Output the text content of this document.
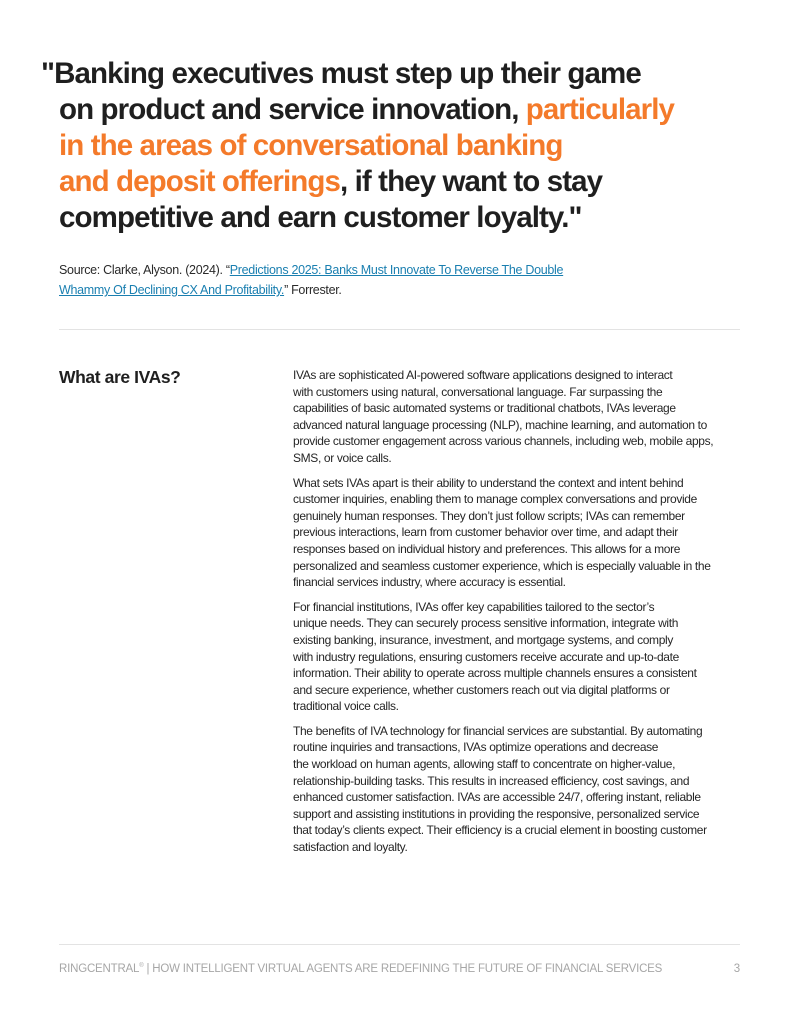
"Banking executives must step up their game
on product and service innovation, particularly
in the areas of conversational banking
and deposit offerings, if they want to stay
competitive and earn customer loyalty."

Source: Clarke, Alyson. (2024). “Predictions 2025: Banks Must Innovate To Reverse The Double
Whammy Of Declining CX And Profitability.” Forrester.

What are IVAs?	IVAs are sophisticated AI-powered software applications designed to interact
with customers using natural, conversational language. Far surpassing the
capabilities of basic automated systems or traditional chatbots, IVAs leverage
advanced natural language processing (NLP), machine learning, and automation to
provide customer engagement across various channels, including web, mobile apps,
SMS, or voice calls.

What sets IVAs apart is their ability to understand the context and intent behind
customer inquiries, enabling them to manage complex conversations and provide
genuinely human responses. They don’t just follow scripts; IVAs can remember
previous interactions, learn from customer behavior over time, and adapt their
responses based on individual history and preferences. This allows for a more
personalized and seamless customer experience, which is especially valuable in the
financial services industry, where accuracy is essential.

For financial institutions, IVAs offer key capabilities tailored to the sector’s
unique needs. They can securely process sensitive information, integrate with
existing banking, insurance, investment, and mortgage systems, and comply
with industry regulations, ensuring customers receive accurate and up-to-date
information. Their ability to operate across multiple channels ensures a consistent
and secure experience, whether customers reach out via digital platforms or
traditional voice calls.

The benefits of IVA technology for financial services are substantial. By automating
routine inquiries and transactions, IVAs optimize operations and decrease
the workload on human agents, allowing staff to concentrate on higher-value,
relationship-building tasks. This results in increased efficiency, cost savings, and
enhanced customer satisfaction. IVAs are accessible 24/7, offering instant, reliable
support and assisting institutions in providing the responsive, personalized service
that today’s clients expect. Their efficiency is a crucial element in boosting customer
satisfaction and loyalty.

RINGCENTRAL® | HOW INTELLIGENT VIRTUAL AGENTS ARE REDEFINING THE FUTURE OF FINANCIAL SERVICES	3
